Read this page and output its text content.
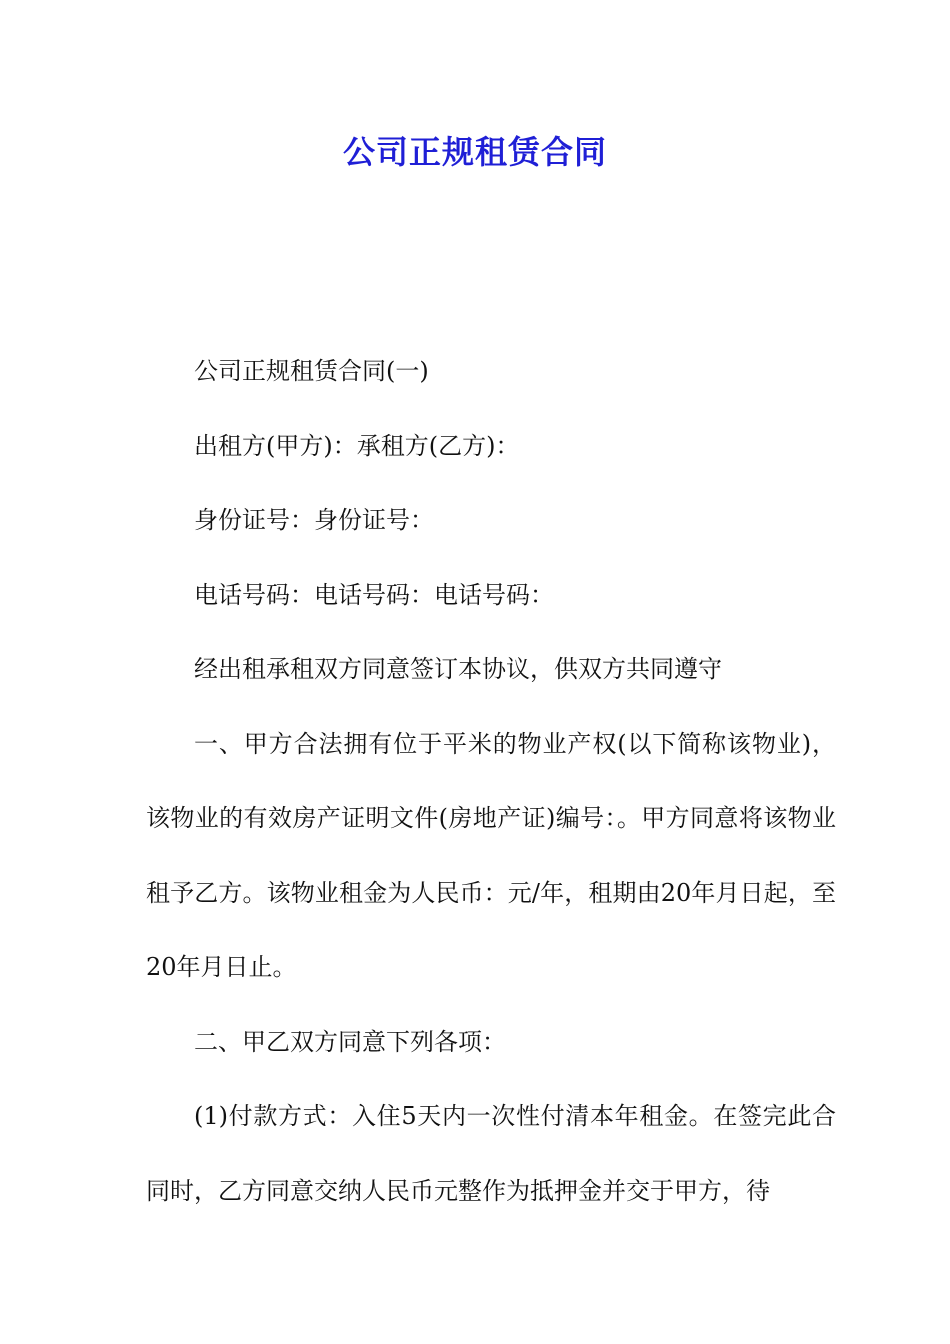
公司正规租赁合同

公司正规租赁合同(一)

出租方(甲方)：承租方(乙方)：

身份证号：身份证号：

电话号码：电话号码：电话号码：

经出租承租双方同意签订本协议，供双方共同遵守

一、甲方合法拥有位于平米的物业产权(以下简称该物业)，该物业的有效房产证明文件(房地产证)编号：。甲方同意将该物业租予乙方。该物业租金为人民币：元/年，租期由20年月日起，至20年月日止。

二、甲乙双方同意下列各项：

(1)付款方式：入住5天内一次性付清本年租金。在签完此合同时，乙方同意交纳人民币元整作为抵押金并交于甲方，待
